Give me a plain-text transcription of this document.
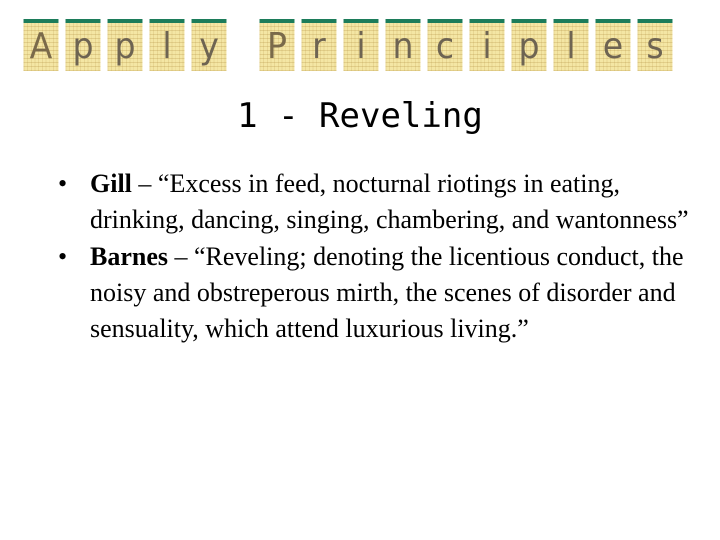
A p p l y P r i n c i p l e s
1 - Reveling
• Gill – “Excess in feed, nocturnal riotings in eating, drinking, dancing, singing, chambering, and wantonness”
• Barnes – “Reveling; denoting the licentious conduct, the noisy and obstreperous mirth, the scenes of disorder and sensuality, which attend luxurious living.”
